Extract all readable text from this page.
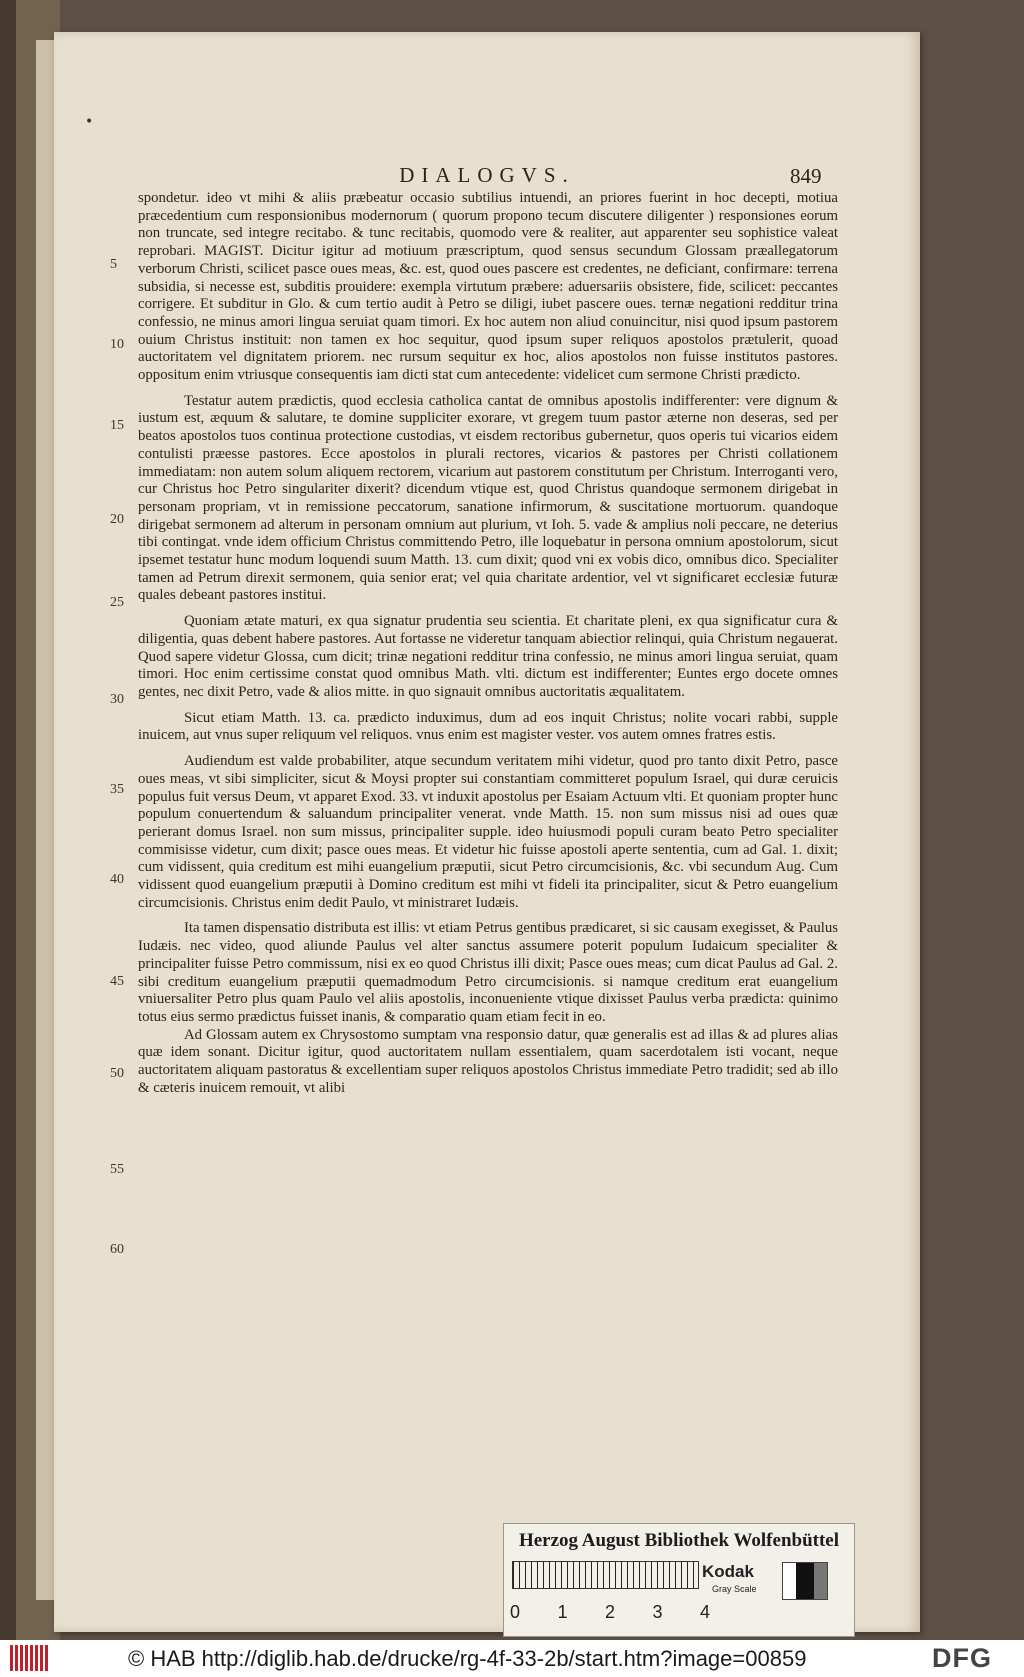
DIALOGVS.	849
•
5
10
15
20
25
30
35
40
45
50
55
60

spondetur. ideo vt mihi & aliis præbeatur occasio subtilius intuendi, an priores fuerint in hoc decepti, motiua præcedentium cum responsionibus modernorum ( quorum propono tecum discutere diligenter ) responsiones eorum non truncate, sed integre recitabo. & tunc recitabis, quomodo vere & realiter, aut apparenter seu sophistice valeat reprobari. MAGIST. Dicitur igitur ad motiuum præscriptum, quod sensus secundum Glossam præallegatorum verborum Christi, scilicet pasce oues meas, &c. est, quod oues pascere est credentes, ne deficiant, confirmare: terrena subsidia, si necesse est, subditis prouidere: exempla virtutum præbere: aduersariis obsistere, fide, scilicet: peccantes corrigere. Et subditur in Glo. & cum tertio audit à Petro se diligi, iubet pascere oues. ternæ negationi redditur trina confessio, ne minus amori lingua seruiat quam timori. Ex hoc autem non aliud conuincitur, nisi quod ipsum pastorem ouium Christus instituit: non tamen ex hoc sequitur, quod ipsum super reliquos apostolos prætulerit, quoad auctoritatem vel dignitatem priorem. nec rursum sequitur ex hoc, alios apostolos non fuisse institutos pastores. oppositum enim vtriusque consequentis iam dicti stat cum antecedente: videlicet cum sermone Christi prædicto.

Testatur autem prædictis, quod ecclesia catholica cantat de omnibus apostolis indifferenter: vere dignum & iustum est, æquum & salutare, te domine suppliciter exorare, vt gregem tuum pastor æterne non deseras, sed per beatos apostolos tuos continua protectione custodias, vt eisdem rectoribus gubernetur, quos operis tui vicarios eidem contulisti præesse pastores. Ecce apostolos in plurali rectores, vicarios & pastores per Christi collationem immediatam: non autem solum aliquem rectorem, vicarium aut pastorem constitutum per Christum. Interroganti vero, cur Christus hoc Petro singulariter dixerit? dicendum vtique est, quod Christus quandoque sermonem dirigebat in personam propriam, vt in remissione peccatorum, sanatione infirmorum, & suscitatione mortuorum. quandoque dirigebat sermonem ad alterum in personam omnium aut plurium, vt Ioh. 5. vade & amplius noli peccare, ne deterius tibi contingat. vnde idem officium Christus committendo Petro, ille loquebatur in persona omnium apostolorum, sicut ipsemet testatur hunc modum loquendi suum Matth. 13. cum dixit; quod vni ex vobis dico, omnibus dico. Specialiter tamen ad Petrum direxit sermonem, quia senior erat; vel quia charitate ardentior, vel vt significaret ecclesiæ futuræ quales debeant pastores institui.

Quoniam ætate maturi, ex qua signatur prudentia seu scientia. Et charitate pleni, ex qua significatur cura & diligentia, quas debent habere pastores. Aut fortasse ne videretur tanquam abiectior relinqui, quia Christum negauerat. Quod sapere videtur Glossa, cum dicit; trinæ negationi redditur trina confessio, ne minus amori lingua seruiat, quam timori. Hoc enim certissime constat quod omnibus Math. vlti. dictum est indifferenter; Euntes ergo docete omnes gentes, nec dixit Petro, vade & alios mitte. in quo signauit omnibus auctoritatis æqualitatem.

Sicut etiam Matth. 13. ca. prædicto induximus, dum ad eos inquit Christus; nolite vocari rabbi, supple inuicem, aut vnus super reliquum vel reliquos. vnus enim est magister vester. vos autem omnes fratres estis.

Audiendum est valde probabiliter, atque secundum veritatem mihi videtur, quod pro tanto dixit Petro, pasce oues meas, vt sibi simpliciter, sicut & Moysi propter sui constantiam committeret populum Israel, qui duræ ceruicis populus fuit versus Deum, vt apparet Exod. 33. vt induxit apostolus per Esaiam Actuum vlti. Et quoniam propter hunc populum conuertendum & saluandum principaliter venerat. vnde Matth. 15. non sum missus nisi ad oues quæ perierant domus Israel. non sum missus, principaliter supple. ideo huiusmodi populi curam beato Petro specialiter commisisse videtur, cum dixit; pasce oues meas. Et videtur hic fuisse apostoli aperte sententia, cum ad Gal. 1. dixit; cum vidissent, quia creditum est mihi euangelium præputii, sicut Petro circumcisionis, &c. vbi secundum Aug. Cum vidissent quod euangelium præputii à Domino creditum est mihi vt fideli ita principaliter, sicut & Petro euangelium circumcisionis. Christus enim dedit Paulo, vt ministraret Iudæis.

Ita tamen dispensatio distributa est illis: vt etiam Petrus gentibus prædicaret, si sic causam exegisset, & Paulus Iudæis. nec video, quod aliunde Paulus vel alter sanctus assumere poterit populum Iudaicum specialiter & principaliter fuisse Petro commissum, nisi ex eo quod Christus illi dixit; Pasce oues meas; cum dicat Paulus ad Gal. 2. sibi creditum euangelium præputii quemadmodum Petro circumcisionis. si namque creditum erat euangelium vniuersaliter Petro plus quam Paulo vel aliis apostolis, inconueniente vtique dixisset Paulus verba prædicta: quinimo totus eius sermo prædictus fuisset inanis, & comparatio quam etiam fecit in eo.

Ad Glossam autem ex Chrysostomo sumptam vna responsio datur, quæ generalis est ad illas & ad plures alias quæ idem sonant. Dicitur igitur, quod auctoritatem nullam essentialem, quam sacerdotalem isti vocant, neque auctoritatem aliquam pastoratus & excellentiam super reliquos apostolos Christus immediate Petro tradidit; sed ab illo & cæteris inuicem remouit, vt alibi

Herzog August Bibliothek Wolfenbüttel
0 1 2 3 4
Kodak
Gray Scale
© HAB http://diglib.hab.de/drucke/rg-4f-33-2b/start.htm?image=00859	DFG
